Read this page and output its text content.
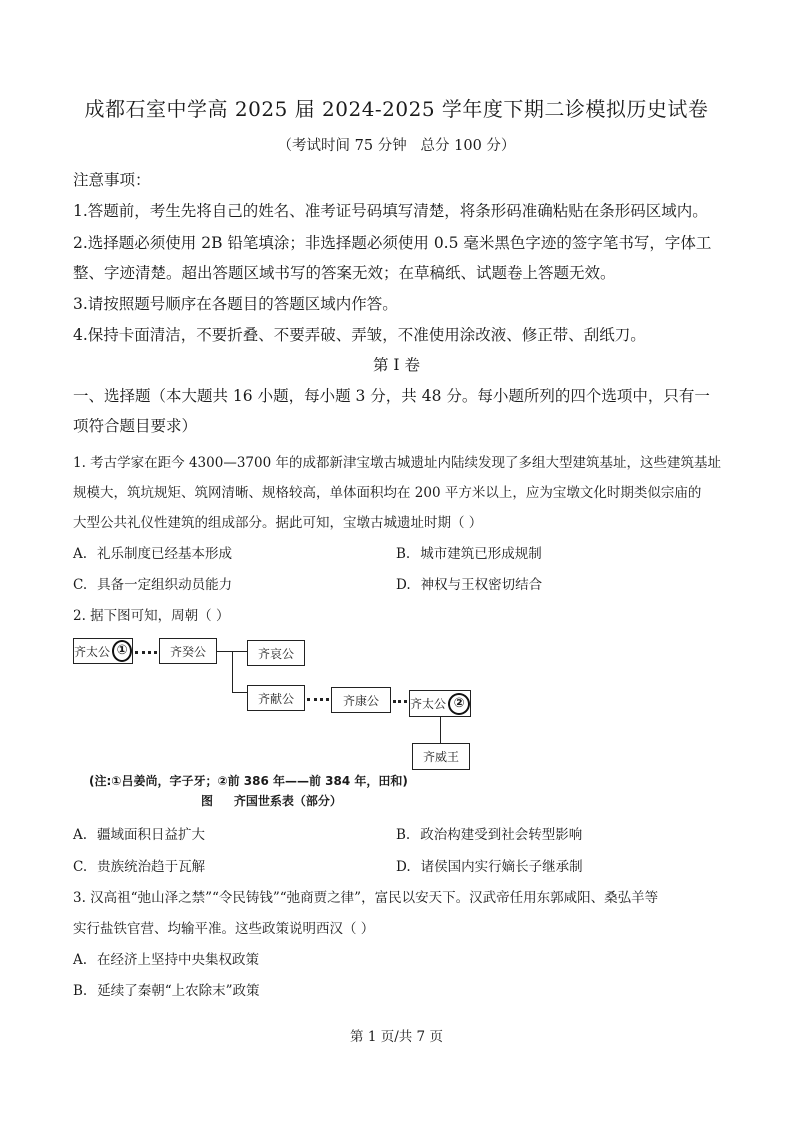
成都石室中学高 2025 届 2024-2025 学年度下期二诊模拟历史试卷
（考试时间 75 分钟   总分 100 分）
注意事项：
1.答题前，考生先将自己的姓名、准考证号码填写清楚，将条形码准确粘贴在条形码区域内。
2.选择题必须使用 2B 铅笔填涂；非选择题必须使用 0.5 毫米黑色字迹的签字笔书写，字体工
整、字迹清楚。超出答题区域书写的答案无效；在草稿纸、试题卷上答题无效。
3.请按照题号顺序在各题目的答题区域内作答。
4.保持卡面清洁，不要折叠、不要弄破、弄皱，不准使用涂改液、修正带、刮纸刀。
第 I 卷
一、选择题（本大题共 16 小题，每小题 3 分，共 48 分。每小题所列的四个选项中，只有一
项符合题目要求）
1. 考古学家在距今 4300—3700 年的成都新津宝墩古城遗址内陆续发现了多组大型建筑基址，这些建筑基址
规模大，筑坑规矩、筑网清晰、规格较高，单体面积均在 200 平方米以上，应为宝墩文化时期类似宗庙的
大型公共礼仪性建筑的组成部分。据此可知，宝墩古城遗址时期（ ）
A. 礼乐制度已经基本形成	B. 城市建筑已形成规制
C. 具备一定组织动员能力	D. 神权与王权密切结合
2. 据下图可知，周朝（ ）
齐太公 ①	齐癸公	齐哀公
齐献公	齐康公	齐太公 ②
齐威王
(注:①吕姜尚，字子牙；②前 386 年——前 384 年，田和)
图     齐国世系表（部分）
A. 疆域面积日益扩大	B. 政治构建受到社会转型影响
C. 贵族统治趋于瓦解	D. 诸侯国内实行嫡长子继承制
3. 汉高祖“弛山泽之禁”“令民铸钱”“弛商贾之律”，富民以安天下。汉武帝任用东郭咸阳、桑弘羊等
实行盐铁官营、均输平准。这些政策说明西汉（ ）
A. 在经济上坚持中央集权政策
B. 延续了秦朝“上农除末”政策
第 1 页/共 7 页
